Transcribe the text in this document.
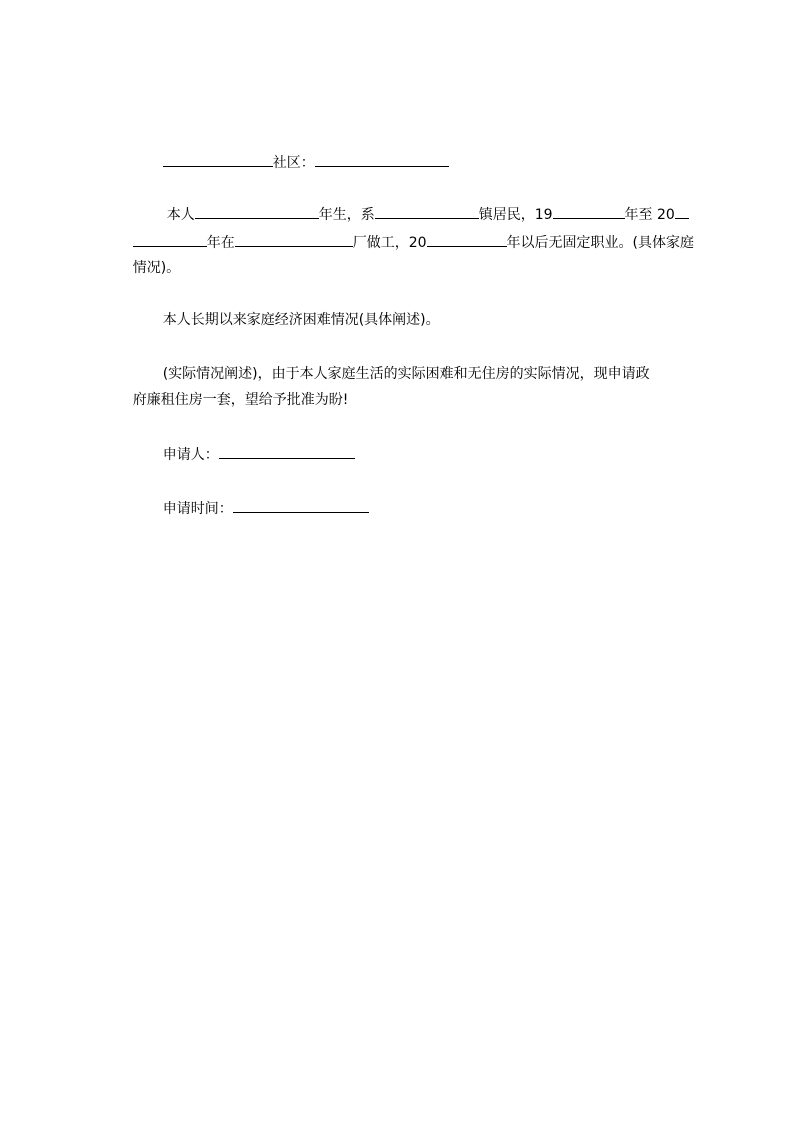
社区：

本人	年生，系	镇居民，19	年至 20

年在	厂做工，20	年以后无固定职业。(具体家庭

情况)。

本人长期以来家庭经济困难情况(具体阐述)。

(实际情况阐述)，由于本人家庭生活的实际困难和无住房的实际情况，现申请政

府廉租住房一套，望给予批准为盼!

申请人：

申请时间：
